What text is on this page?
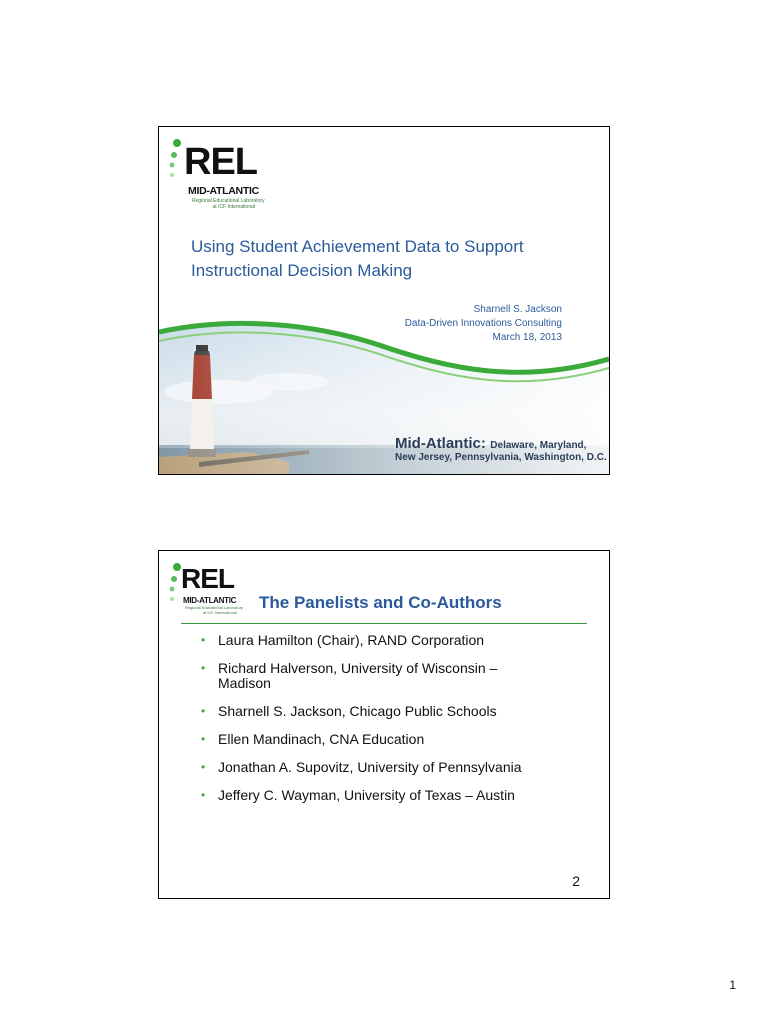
REL
MID-ATLANTIC
Regional Educational Laboratory
at ICF International
Using Student Achievement Data to Support
Instructional Decision Making
Sharnell S. Jackson
Data-Driven Innovations Consulting
March 18, 2013
Mid-Atlantic: Delaware, Maryland,
New Jersey, Pennsylvania, Washington, D.C.
REL
MID-ATLANTIC
Regional Educational Laboratory
at ICF International
The Panelists and Co-Authors
• Laura Hamilton (Chair), RAND Corporation
• Richard Halverson, University of Wisconsin –
Madison
• Sharnell S. Jackson, Chicago Public Schools
• Ellen Mandinach, CNA Education
• Jonathan A. Supovitz, University of Pennsylvania
• Jeffery C. Wayman, University of Texas – Austin
2
1
